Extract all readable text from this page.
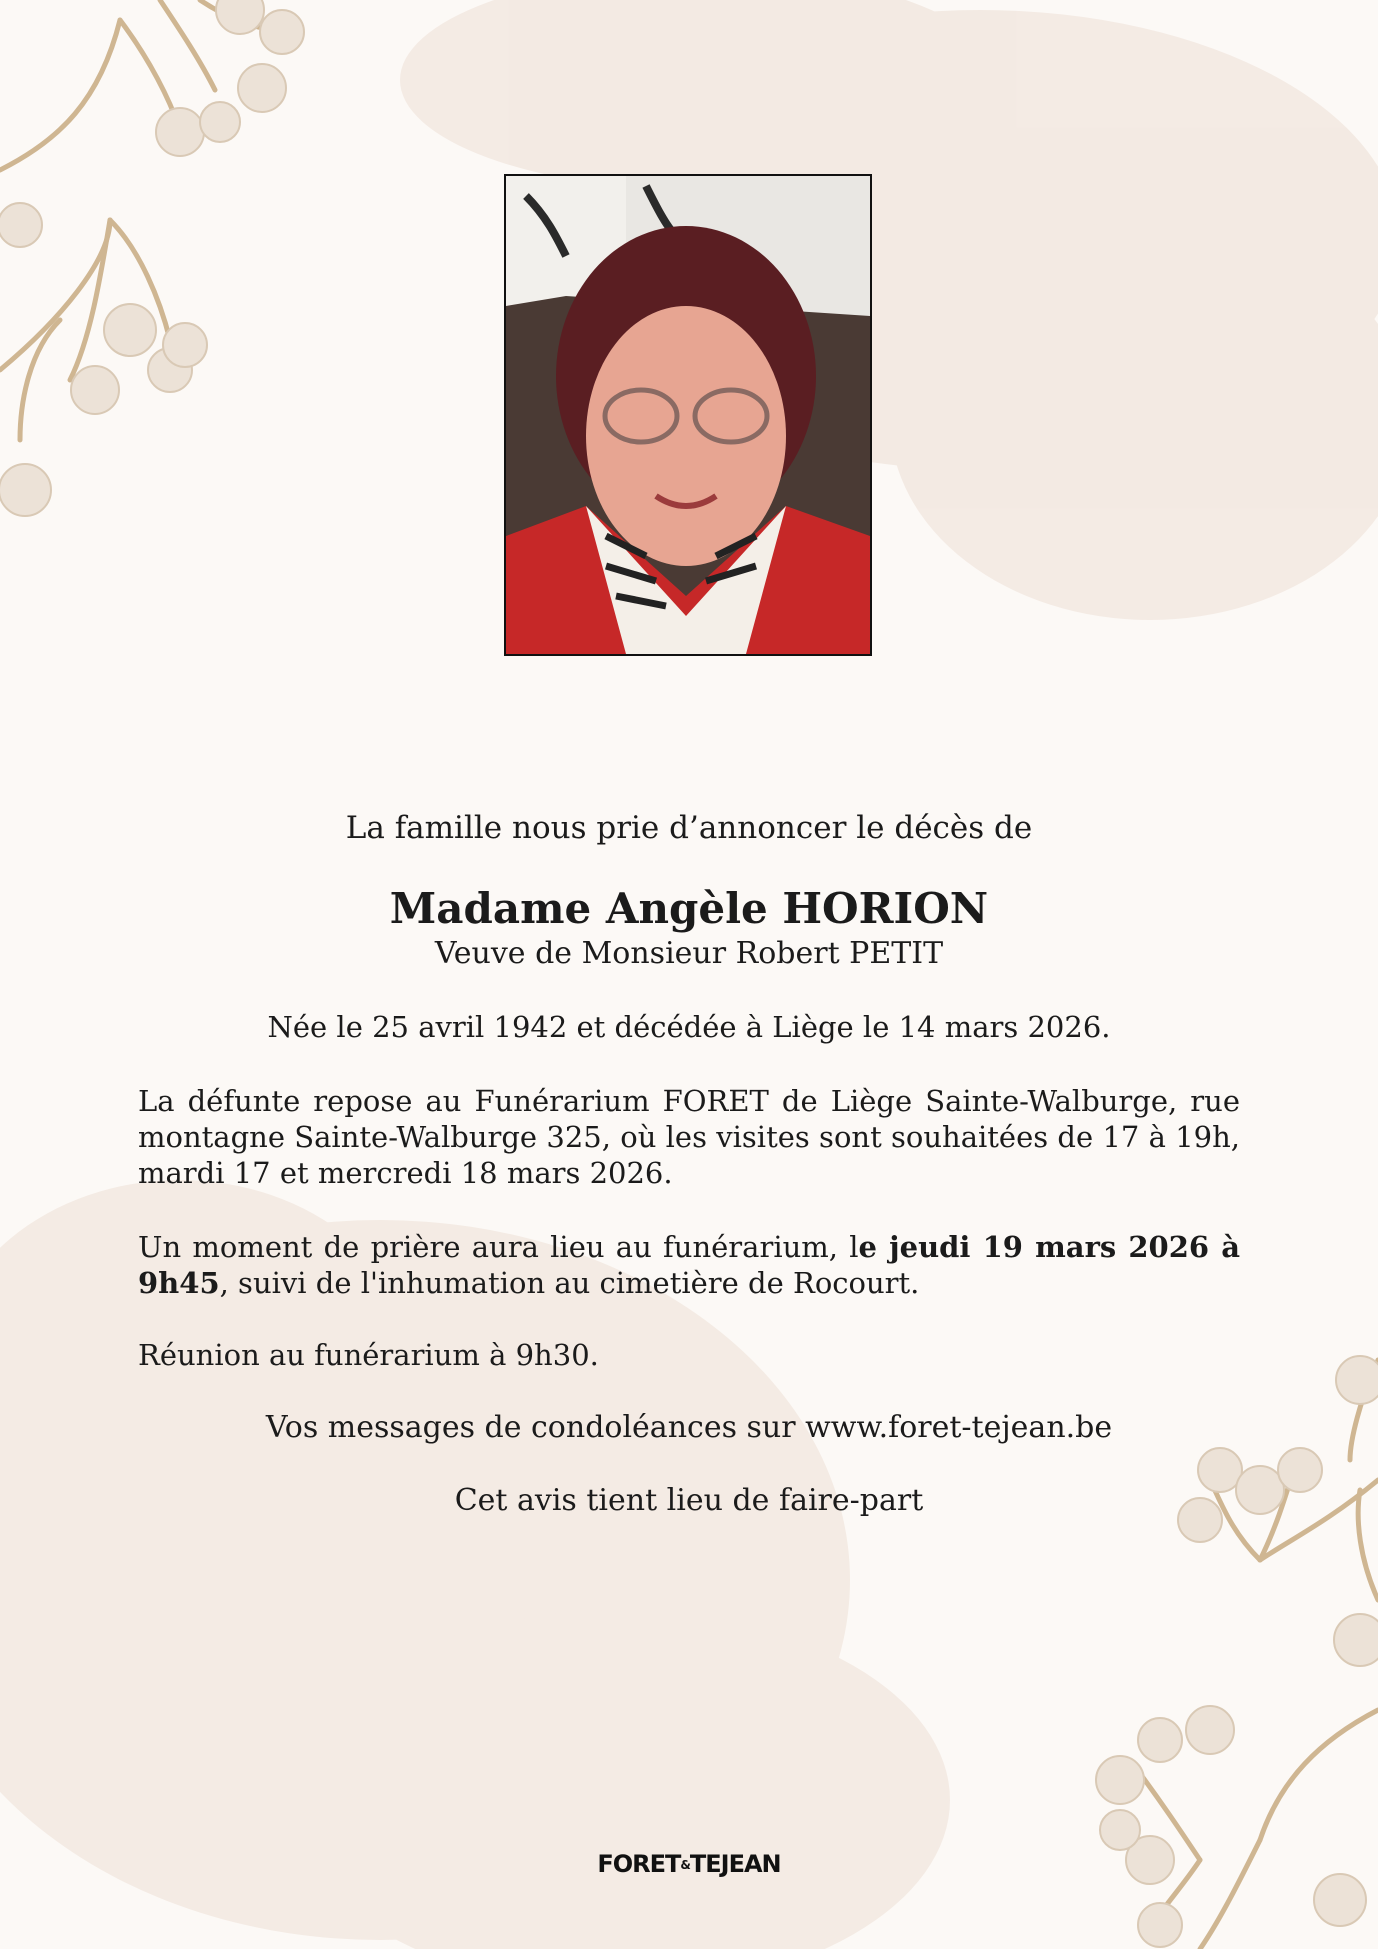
La famille nous prie d’annoncer le décès de
Madame Angèle HORION
Veuve de Monsieur Robert PETIT
Née le 25 avril 1942 et décédée à Liège le 14 mars 2026.
La défunte repose au Funérarium FORET de Liège Sainte-Walburge, rue montagne Sainte-Walburge 325, où les visites sont souhaitées de 17 à 19h, mardi 17 et mercredi 18 mars 2026.
Un moment de prière aura lieu au funérarium, le jeudi 19 mars 2026 à 9h45, suivi de l'inhumation au cimetière de Rocourt.
Réunion au funérarium à 9h30.
Vos messages de condoléances sur www.foret-tejean.be
Cet avis tient lieu de faire-part
FORET&TEJEAN
